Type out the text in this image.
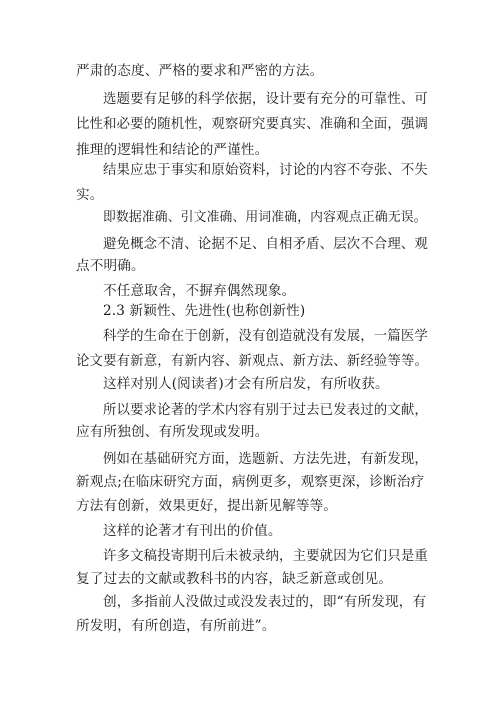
严肃的态度、严格的要求和严密的方法。
选题要有足够的科学依据，设计要有充分的可靠性、可
比性和必要的随机性，观察研究要真实、准确和全面，强调
推理的逻辑性和结论的严谨性。
结果应忠于事实和原始资料，讨论的内容不夸张、不失
实。
即数据准确、引文准确、用词准确，内容观点正确无误。
避免概念不清、论据不足、自相矛盾、层次不合理、观
点不明确。
不任意取舍，不摒弃偶然现象。
2.3 新颖性、先进性(也称创新性)
科学的生命在于创新，没有创造就没有发展，一篇医学
论文要有新意，有新内容、新观点、新方法、新经验等等。
这样对别人(阅读者)才会有所启发，有所收获。
所以要求论著的学术内容有别于过去已发表过的文献，
应有所独创、有所发现或发明。
例如在基础研究方面，选题新、方法先进，有新发现，
新观点;在临床研究方面，病例更多，观察更深，诊断治疗
方法有创新，效果更好，提出新见解等等。
这样的论著才有刊出的价值。
许多文稿投寄期刊后未被录纳，主要就因为它们只是重
复了过去的文献或教科书的内容，缺乏新意或创见。
创，多指前人没做过或没发表过的，即“有所发现，有
所发明，有所创造，有所前进”。
